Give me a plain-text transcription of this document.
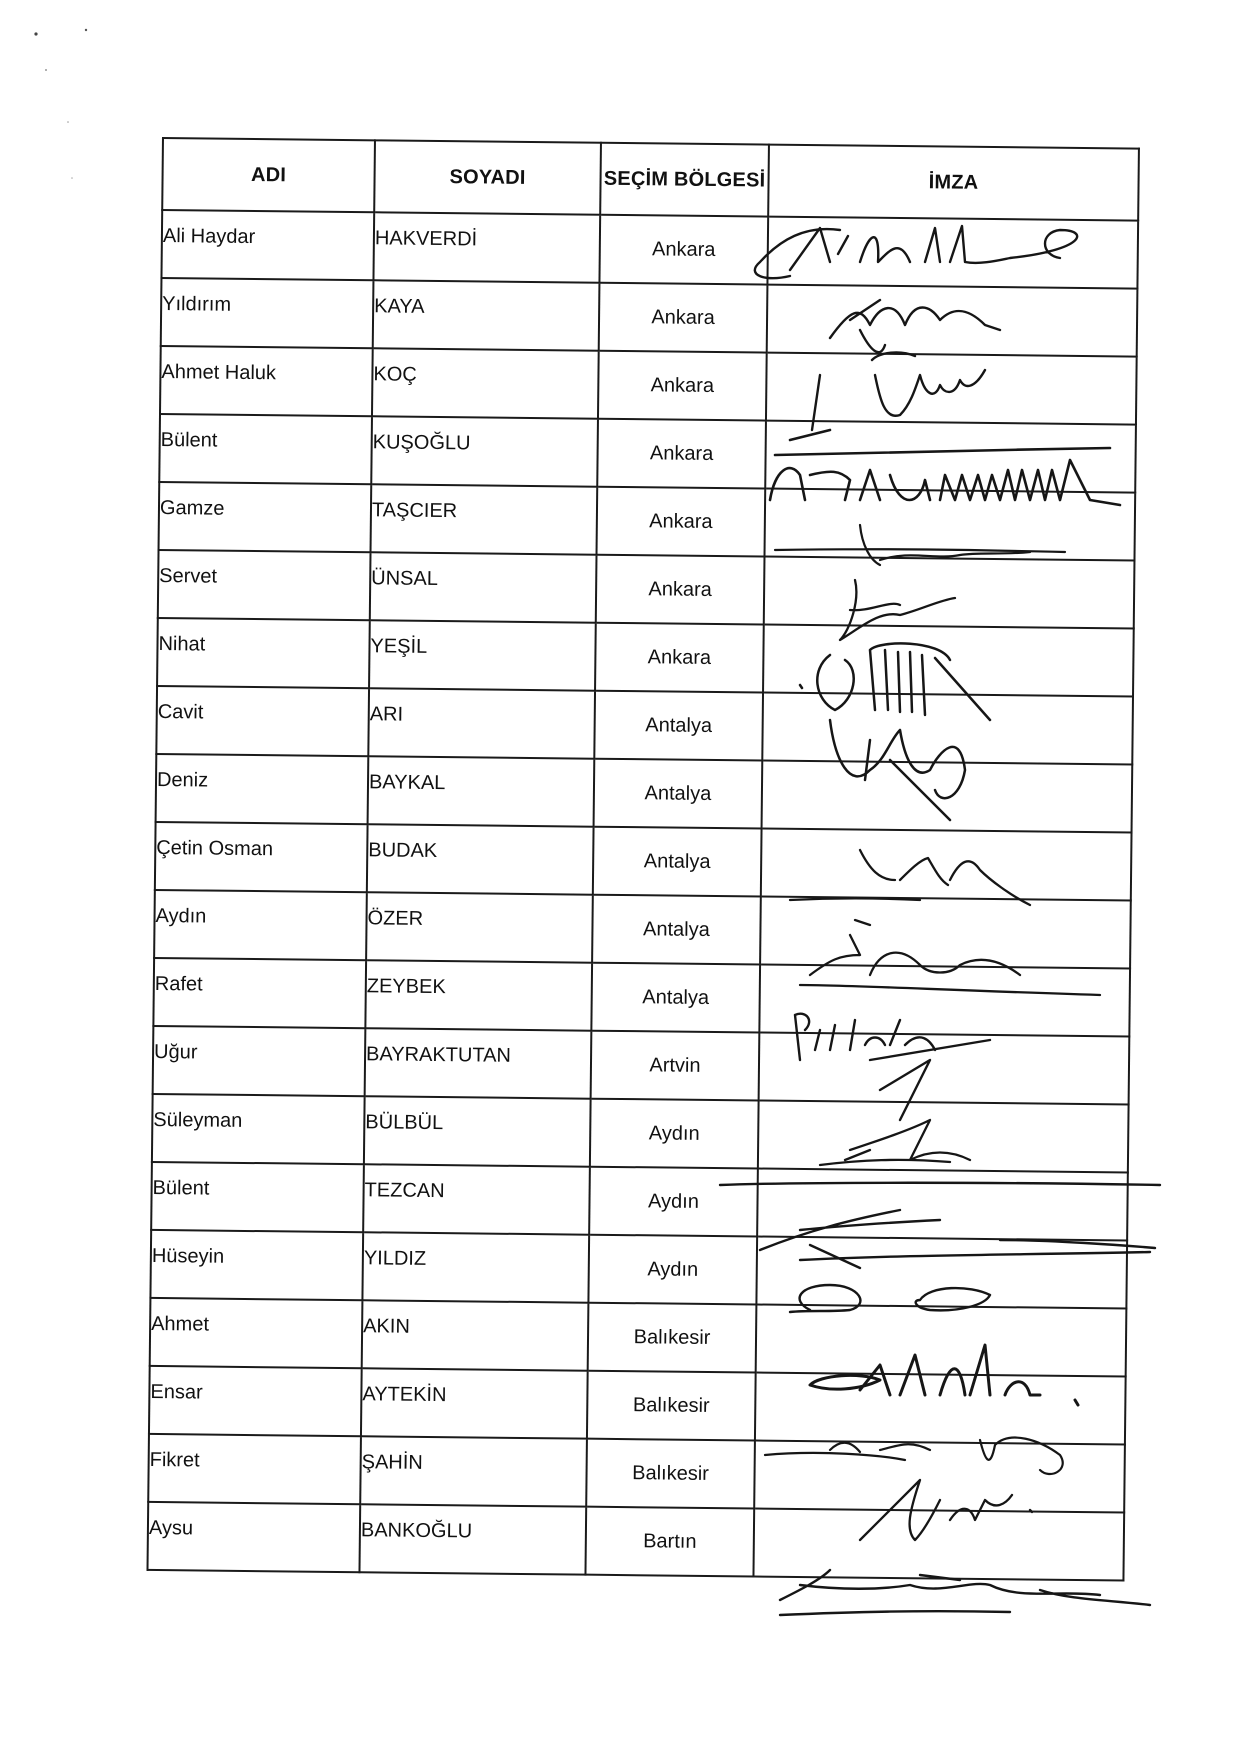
ADI	SOYADI	SEÇİM BÖLGESİ	İMZA
Ali Haydar	HAKVERDİ	Ankara	
Yıldırım	KAYA	Ankara	
Ahmet Haluk	KOÇ	Ankara	
Bülent	KUŞOĞLU	Ankara	
Gamze	TAŞCIER	Ankara	
Servet	ÜNSAL	Ankara	
Nihat	YEŞİL	Ankara	
Cavit	ARI	Antalya	
Deniz	BAYKAL	Antalya	
Çetin Osman	BUDAK	Antalya	
Aydın	ÖZER	Antalya	
Rafet	ZEYBEK	Antalya	
Uğur	BAYRAKTUTAN	Artvin	
Süleyman	BÜLBÜL	Aydın	
Bülent	TEZCAN	Aydın	
Hüseyin	YILDIZ	Aydın	
Ahmet	AKIN	Balıkesir	
Ensar	AYTEKİN	Balıkesir	
Fikret	ŞAHİN	Balıkesir	
Aysu	BANKOĞLU	Bartın	
